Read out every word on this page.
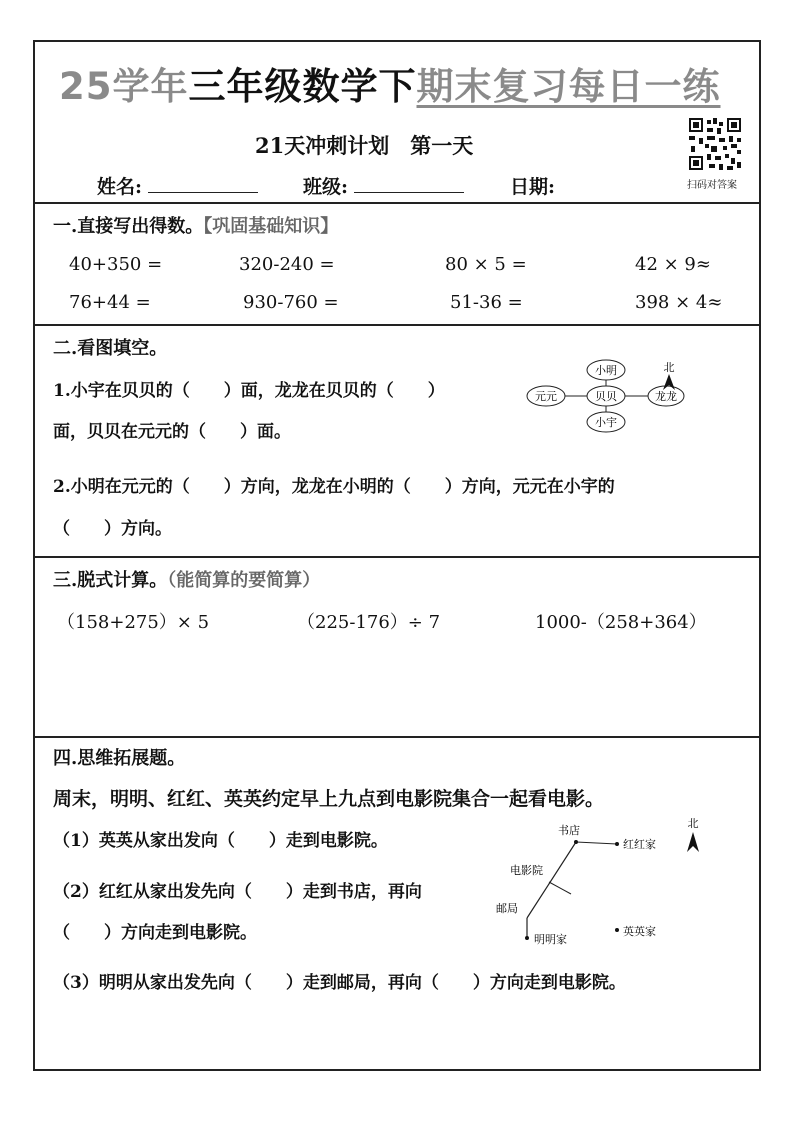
25学年三年级数学下期末复习每日一练
21天冲刺计划　第一天
姓名:	班级:	日期:	扫码对答案
一.直接写出得数。【巩固基础知识】
40+350 =	320-240 =	80 × 5 =	42 × 9≈
76+44 =	930-760 =	51-36 =	398 × 4≈
二.看图填空。
1.小宇在贝贝的（　　）面，龙龙在贝贝的（　　）
面，贝贝在元元的（　　）面。
2.小明在元元的（　　）方向，龙龙在小明的（　　）方向，元元在小宇的
（　　）方向。
小明
元元	贝贝	龙龙
小宇
北
三.脱式计算。（能简算的要简算）
（158+275）× 5	（225-176）÷ 7	1000-（258+364）
四.思维拓展题。
周末，明明、红红、英英约定早上九点到电影院集合一起看电影。
（1）英英从家出发向（　　）走到电影院。
（2）红红从家出发先向（　　）走到书店，再向
（　　）方向走到电影院。
（3）明明从家出发先向（　　）走到邮局，再向（　　）方向走到电影院。
书店
红红家
电影院
邮局
明明家
英英家
北
